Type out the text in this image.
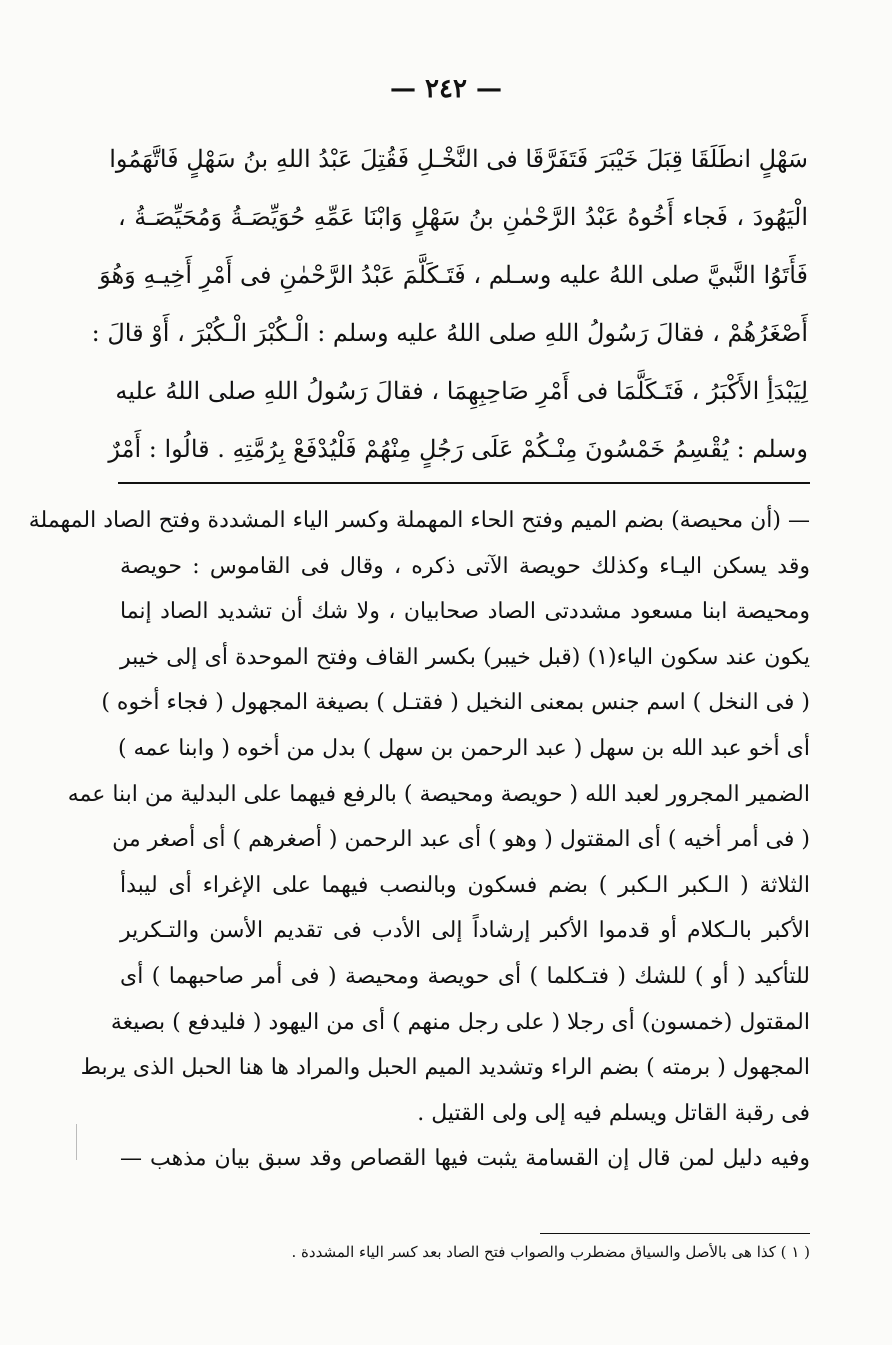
— ٢٤٢ —
سَهْلٍ انطَلَقَا قِبَلَ خَيْبَرَ فَتَفَرَّقَا فى النَّخْـلِ فَقُتِلَ عَبْدُ اللهِ بنُ سَهْلٍ فَاتَّهَمُوا
الْيَهُودَ ، فَجاء أَخُوهُ عَبْدُ الرَّحْمٰنِ بنُ سَهْلٍ وَابْنَا عَمِّهِ حُوَيِّصَـةُ وَمُحَيِّصَـةُ ،
فَأَتَوُا النَّبيَّ صلى اللهُ عليه وسـلم ، فَتَـكَلَّمَ عَبْدُ الرَّحْمٰنِ فى أَمْرِ أَخِيـهِ وَهُوَ
أَصْغَرُهُمْ ، فقالَ رَسُولُ اللهِ صلى اللهُ عليه وسلم : الْـكُبْرَ الْـكُبْرَ ، أَوْ قالَ :
لِيَبْدَأِ الأَكْبَرُ ، فَتَـكَلَّمَا فى أَمْرِ صَاحِبِهِمَا ، فقالَ رَسُولُ اللهِ صلى اللهُ عليه
وسلم : يُقْسِمُ خَمْسُونَ مِنْـكُمْ عَلَى رَجُلٍ مِنْهُمْ فَلْيُدْفَعْ بِرُمَّتِهِ . قالُوا : أَمْرٌ
— (أن محيصة) بضم الميم وفتح الحاء المهملة وكسر الياء المشددة وفتح الصاد المهملة
وقد يسكن اليـاء وكذلك حويصة الآتى ذكره ، وقال فى القاموس : حويصة
ومحيصة ابنا مسعود مشددتى الصاد صحابيان ، ولا شك أن تشديد الصاد إنما
يكون عند سكون الياء(١) (قبل خيبر) بكسر القاف وفتح الموحدة أى إلى خيبر
( فى النخل ) اسم جنس بمعنى النخيل ( فقتـل ) بصيغة المجهول ( فجاء أخوه )
أى أخو عبد الله بن سهل ( عبد الرحمن بن سهل ) بدل من أخوه ( وابنا عمه )
الضمير المجرور لعبد الله ( حويصة ومحيصة ) بالرفع فيهما على البدلية من ابنا عمه
( فى أمر أخيه ) أى المقتول ( وهو ) أى عبد الرحمن ( أصغرهم ) أى أصغر من
الثلاثة ( الـكبر الـكبر ) بضم فسكون وبالنصب فيهما على الإغراء أى ليبدأ
الأكبر بالـكلام أو قدموا الأكبر إرشاداً إلى الأدب فى تقديم الأسن والتـكرير
للتأكيد ( أو ) للشك ( فتـكلما ) أى حويصة ومحيصة ( فى أمر صاحبهما ) أى
المقتول (خمسون) أى رجلا ( على رجل منهم ) أى من اليهود ( فليدفع ) بصيغة
المجهول ( برمته ) بضم الراء وتشديد الميم الحبل والمراد ها هنا الحبل الذى يربط
فى رقبة القاتل ويسلم فيه إلى ولى القتيل .
وفيه دليل لمن قال إن القسامة يثبت فيها القصاص وقد سبق بيان مذهب —
( ١ ) كذا هى بالأصل والسياق مضطرب والصواب فتح الصاد بعد كسر الياء المشددة .
